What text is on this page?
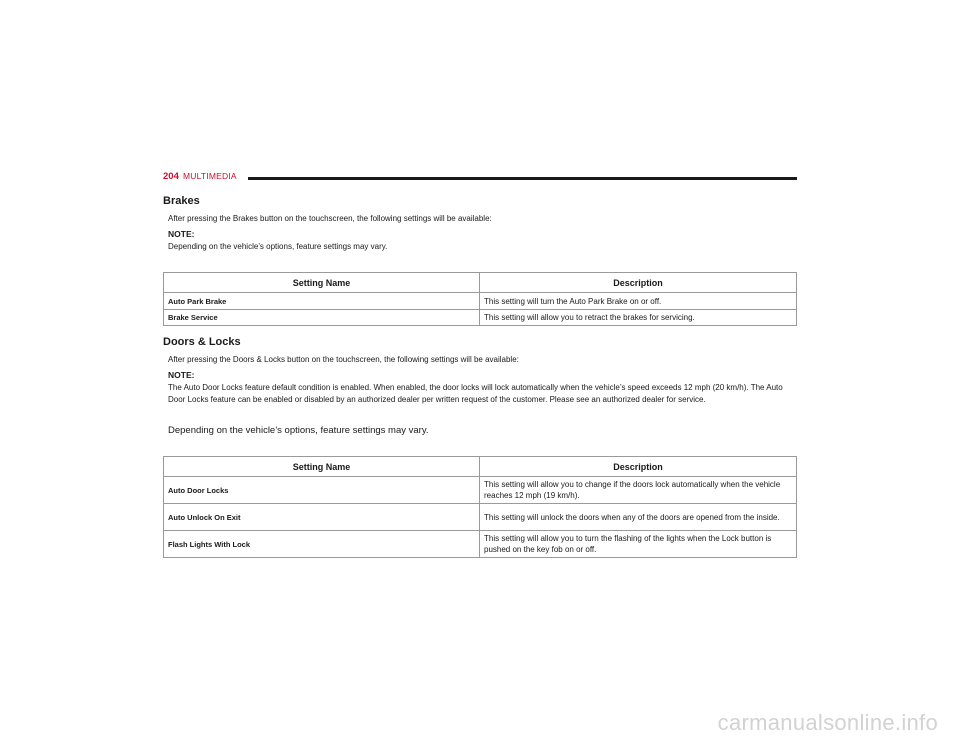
204 MULTIMEDIA
Brakes

After pressing the Brakes button on the touchscreen, the following settings will be available:

NOTE:

Depending on the vehicle’s options, feature settings may vary.

Setting Name	Description
Auto Park Brake	This setting will turn the Auto Park Brake on or off.
Brake Service	This setting will allow you to retract the brakes for servicing.
Doors & Locks

After pressing the Doors & Locks button on the touchscreen, the following settings will be available:

NOTE:

The Auto Door Locks feature default condition is enabled. When enabled, the door locks will lock automatically when the vehicle’s speed exceeds 12 mph (20 km/h). The Auto Door Locks feature can be enabled or disabled by an authorized dealer per written request of the customer. Please see an authorized dealer for service.

Depending on the vehicle’s options, feature settings may vary.

Setting Name	Description
Auto Door Locks	This setting will allow you to change if the doors lock automatically when the vehicle reaches 12 mph (19 km/h).
Auto Unlock On Exit	This setting will unlock the doors when any of the doors are opened from the inside.
Flash Lights With Lock	This setting will allow you to turn the flashing of the lights when the Lock button is pushed on the key fob on or off.
carmanualsonline.info
